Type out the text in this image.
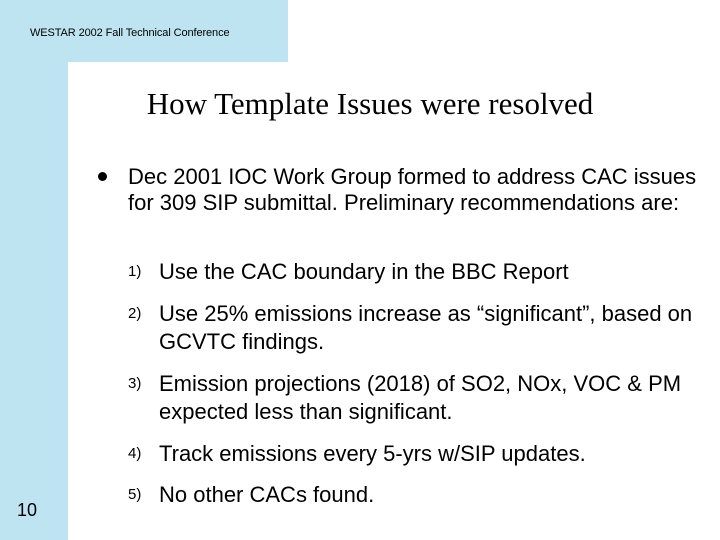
WESTAR 2002 Fall Technical Conference
How Template Issues were resolved
Dec 2001 IOC Work Group formed to address CAC issues for 309 SIP submittal. Preliminary recommendations are:
1) Use the CAC boundary in the BBC Report
2) Use 25% emissions increase as “significant”, based on GCVTC findings.
3) Emission projections (2018) of SO2, NOx, VOC & PM expected less than significant.
4) Track emissions every 5-yrs w/SIP updates.
5) No other CACs found.
10
